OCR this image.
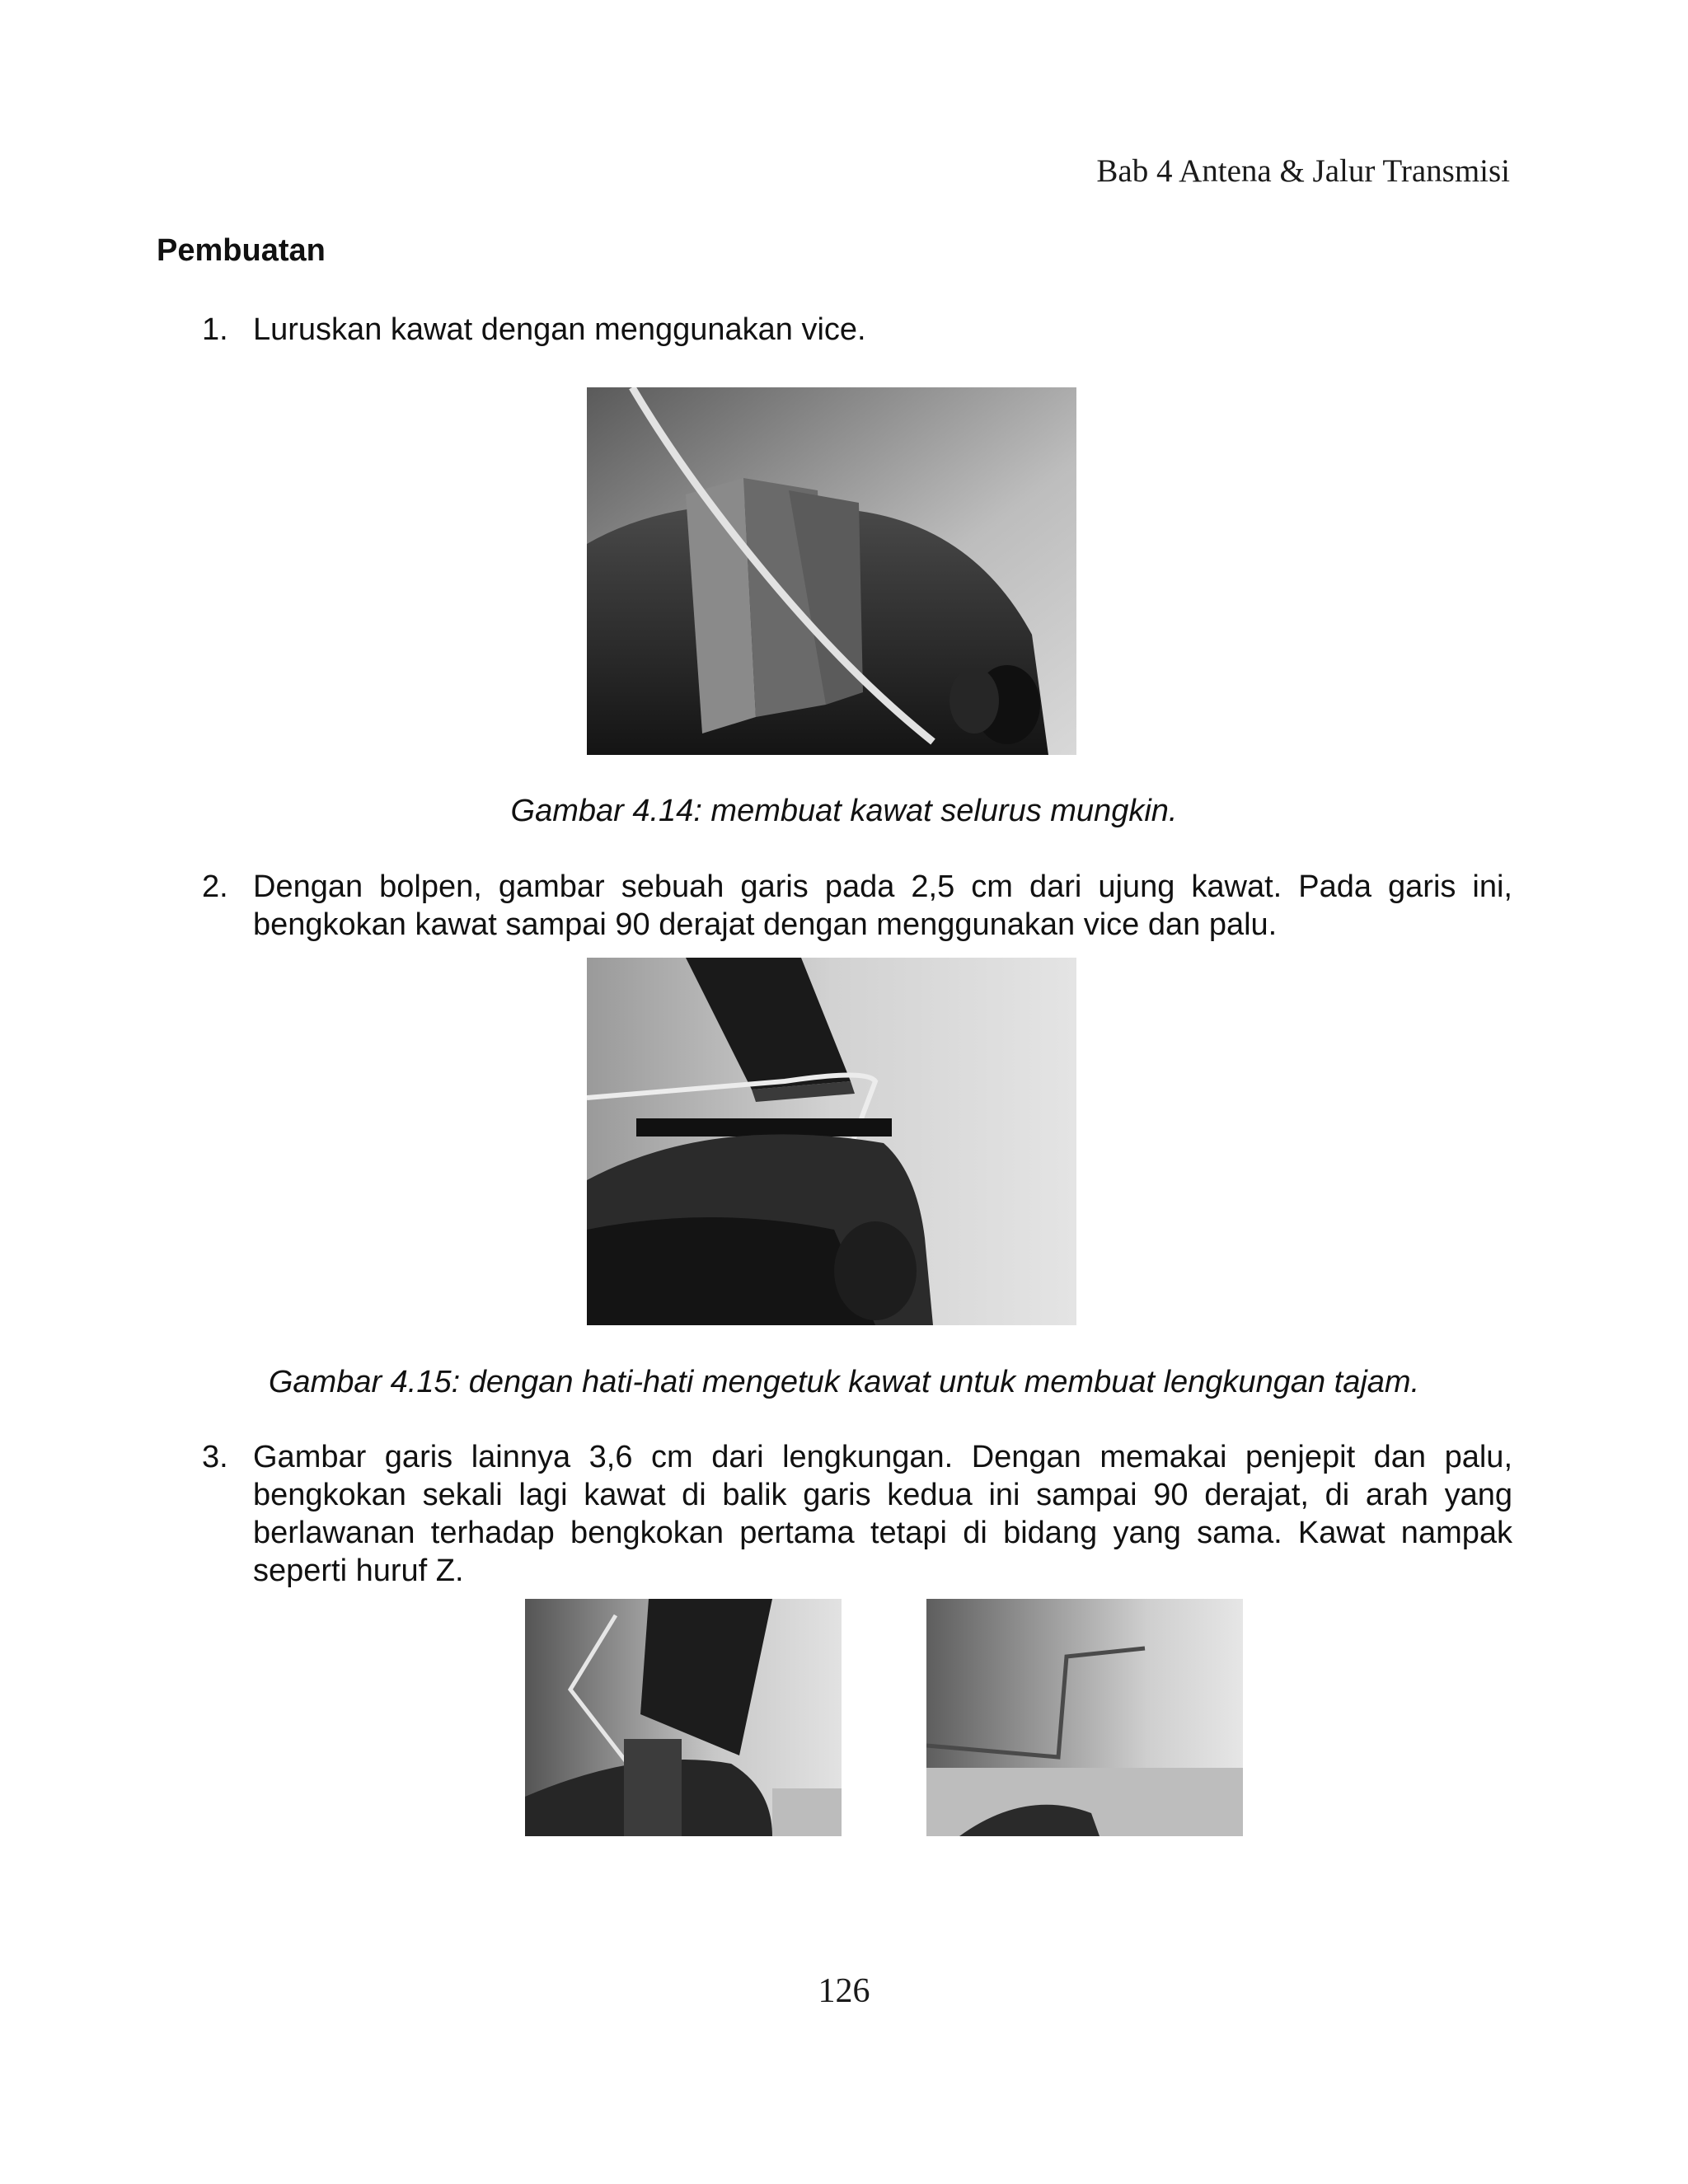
Bab 4 Antena & Jalur Transmisi
Pembuatan
1. Luruskan kawat dengan menggunakan vice.
Gambar 4.14: membuat kawat selurus mungkin.
2. Dengan bolpen, gambar sebuah garis pada 2,5 cm dari ujung kawat. Pada garis ini, bengkokan kawat sampai 90 derajat dengan menggunakan vice dan palu.
Gambar 4.15: dengan hati-hati mengetuk kawat untuk membuat lengkungan tajam.
3. Gambar garis lainnya 3,6 cm dari lengkungan. Dengan memakai penjepit dan palu, bengkokan sekali lagi kawat di balik garis kedua ini sampai 90 derajat, di arah yang berlawanan terhadap bengkokan pertama tetapi di bidang yang sama. Kawat nampak seperti huruf Z.
126
